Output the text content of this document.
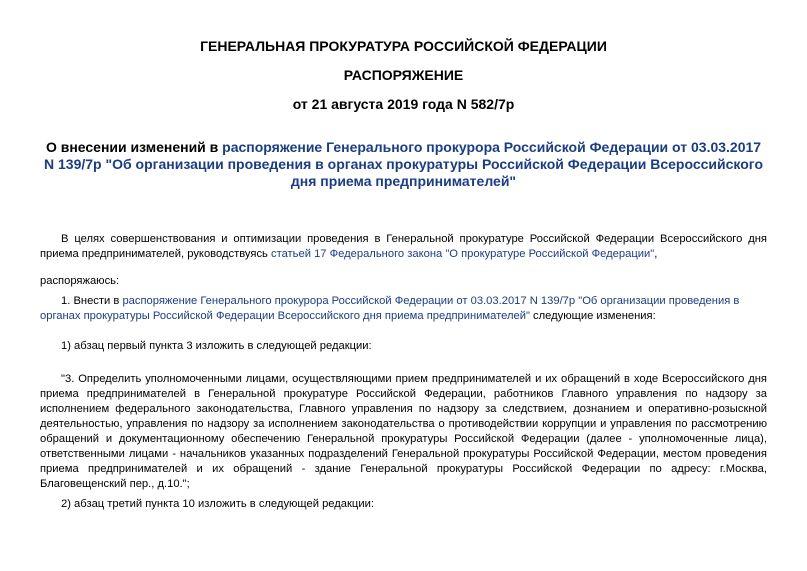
ГЕНЕРАЛЬНАЯ ПРОКУРАТУРА РОССИЙСКОЙ ФЕДЕРАЦИИ

РАСПОРЯЖЕНИЕ

от 21 августа 2019 года N 582/7р

О внесении изменений в распоряжение Генерального прокурора Российской Федерации от 03.03.2017 N 139/7р "Об организации проведения в органах прокуратуры Российской Федерации Всероссийского дня приема предпринимателей"

В целях совершенствования и оптимизации проведения в Генеральной прокуратуре Российской Федерации Всероссийского дня приема предпринимателей, руководствуясь статьей 17 Федерального закона "О прокуратуре Российской Федерации",

распоряжаюсь:

1. Внести в распоряжение Генерального прокурора Российской Федерации от 03.03.2017 N 139/7р "Об организации проведения в органах прокуратуры Российской Федерации Всероссийского дня приема предпринимателей" следующие изменения:

1) абзац первый пункта 3 изложить в следующей редакции:

"3. Определить уполномоченными лицами, осуществляющими прием предпринимателей и их обращений в ходе Всероссийского дня приема предпринимателей в Генеральной прокуратуре Российской Федерации, работников Главного управления по надзору за исполнением федерального законодательства, Главного управления по надзору за следствием, дознанием и оперативно-розыскной деятельностью, управления по надзору за исполнением законодательства о противодействии коррупции и управления по рассмотрению обращений и документационному обеспечению Генеральной прокуратуры Российской Федерации (далее - уполномоченные лица), ответственными лицами - начальников указанных подразделений Генеральной прокуратуры Российской Федерации, местом проведения приема предпринимателей и их обращений - здание Генеральной прокуратуры Российской Федерации по адресу: г.Москва, Благовещенский пер., д.10.";

2) абзац третий пункта 10 изложить в следующей редакции:
